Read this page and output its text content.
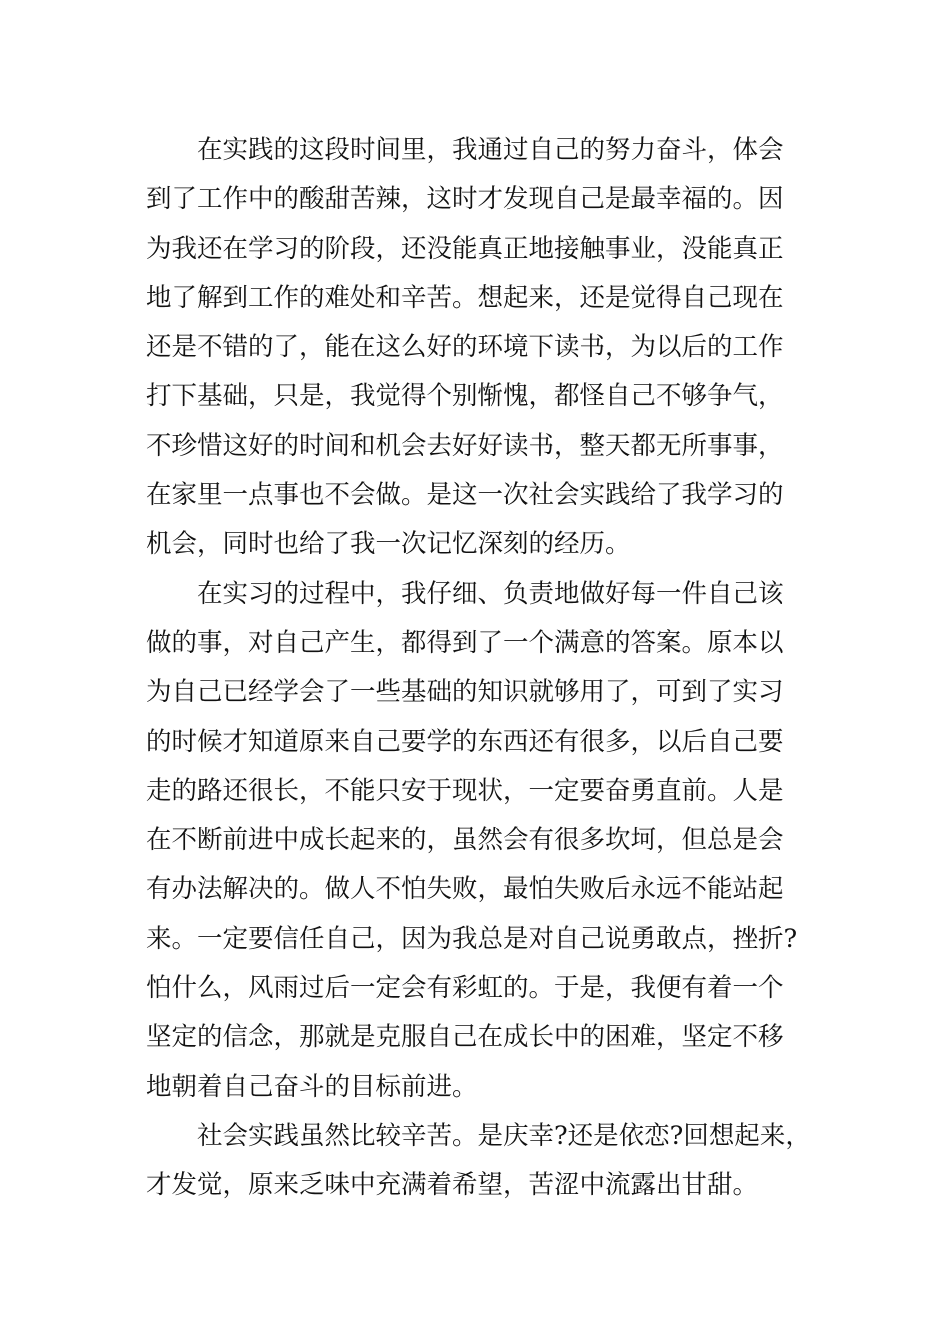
在实践的这段时间里，我通过自己的努力奋斗，体会
到了工作中的酸甜苦辣，这时才发现自己是最幸福的。因
为我还在学习的阶段，还没能真正地接触事业，没能真正
地了解到工作的难处和辛苦。想起来，还是觉得自己现在
还是不错的了，能在这么好的环境下读书，为以后的工作
打下基础，只是，我觉得个别惭愧，都怪自己不够争气，
不珍惜这好的时间和机会去好好读书，整天都无所事事，
在家里一点事也不会做。是这一次社会实践给了我学习的
机会，同时也给了我一次记忆深刻的经历。
在实习的过程中，我仔细、负责地做好每一件自己该
做的事，对自己产生，都得到了一个满意的答案。原本以
为自己已经学会了一些基础的知识就够用了，可到了实习
的时候才知道原来自己要学的东西还有很多，以后自己要
走的路还很长，不能只安于现状，一定要奋勇直前。人是
在不断前进中成长起来的，虽然会有很多坎坷，但总是会
有办法解决的。做人不怕失败，最怕失败后永远不能站起
来。一定要信任自己，因为我总是对自己说勇敢点，挫折?
怕什么，风雨过后一定会有彩虹的。于是，我便有着一个
坚定的信念，那就是克服自己在成长中的困难，坚定不移
地朝着自己奋斗的目标前进。
社会实践虽然比较辛苦。是庆幸?还是依恋?回想起来，
才发觉，原来乏味中充满着希望，苦涩中流露出甘甜。
